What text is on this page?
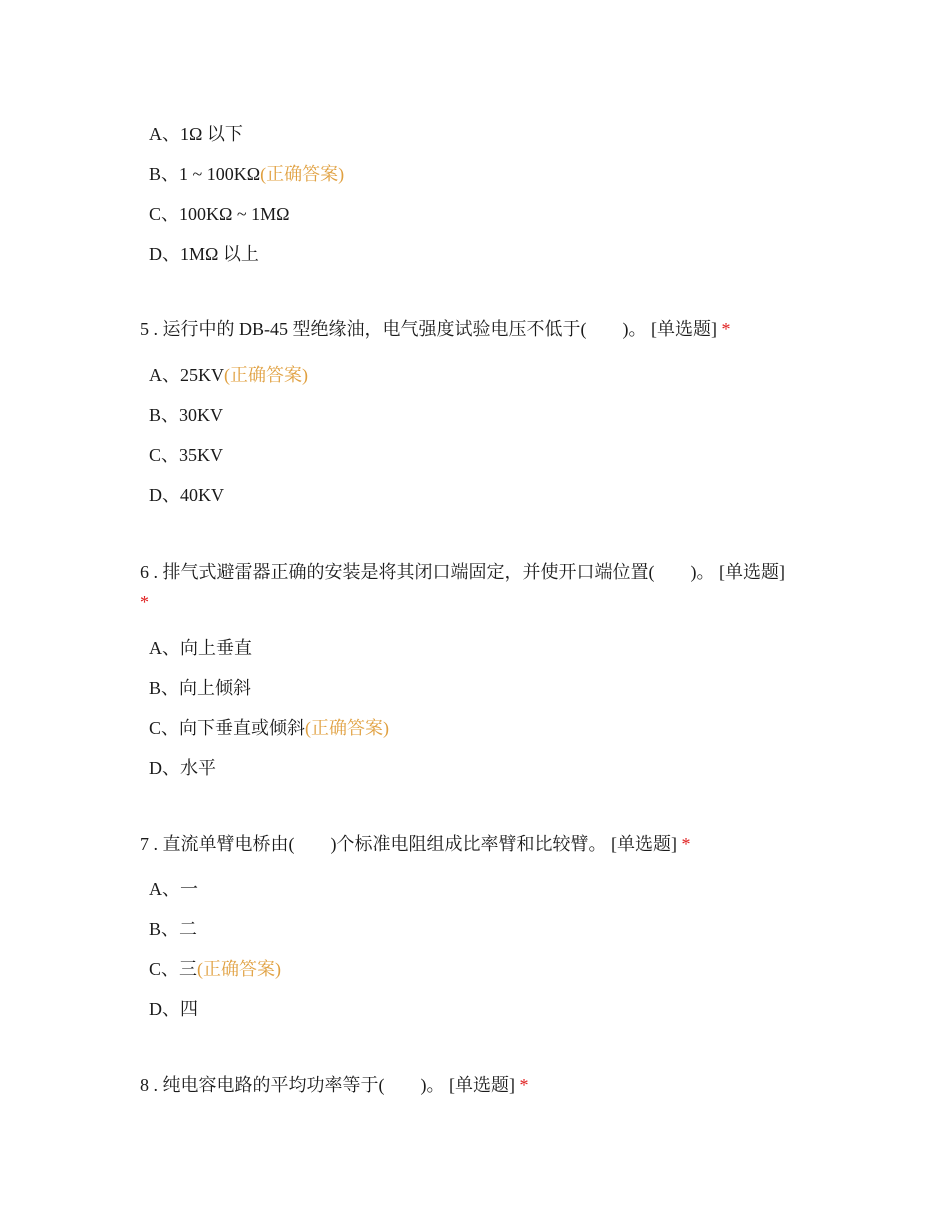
A、1Ω 以下
B、1 ~ 100KΩ(正确答案)
C、100KΩ ~ 1MΩ
D、1MΩ 以上

5 . 运行中的 DB-45 型绝缘油，电气强度试验电压不低于(　　)。 [单选题] *

A、25KV(正确答案)
B、30KV
C、35KV
D、40KV

6 . 排气式避雷器正确的安装是将其闭口端固定，并使开口端位置(　　)。 [单选题]
*

A、向上垂直
B、向上倾斜
C、向下垂直或倾斜(正确答案)
D、水平

7 . 直流单臂电桥由(　　)个标准电阻组成比率臂和比较臂。 [单选题] *

A、一
B、二
C、三(正确答案)
D、四

8 . 纯电容电路的平均功率等于(　　)。 [单选题] *
